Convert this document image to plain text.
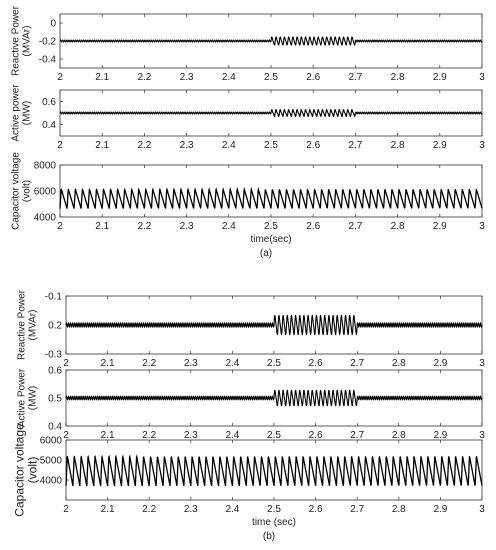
2	2.1	2.2	2.3	2.4	2.5	2.6	2.7	2.8	2.9	3
0
-0.2
-0.4
Reactive Power(MVAr)
2	2.1	2.2	2.3	2.4	2.5	2.6	2.7	2.8	2.9	3
0.6
0.4
Active power(MW)
2	2.1	2.2	2.3	2.4	2.5	2.6	2.7	2.8	2.9	3
8000
6000
4000
Capacitor voltage(volt)
time(sec)
(a)
2	2.1	2.2	2.3	2.4	2.5	2.6	2.7	2.8	2.9	3
-0.1
0.2
-0.3
Reactive Power(MVAr)
2	2.1	2.2	2.3	2.4	2.5	2.6	2.7	2.8	2.9	3
0.6
0.5
0.4
Active Power(MW)
2	2.1	2.2	2.3	2.4	2.5	2.6	2.7	2.8	2.9	3
6000
5000
4000
Capacitor voltage(volt)
time (sec)
(b)
